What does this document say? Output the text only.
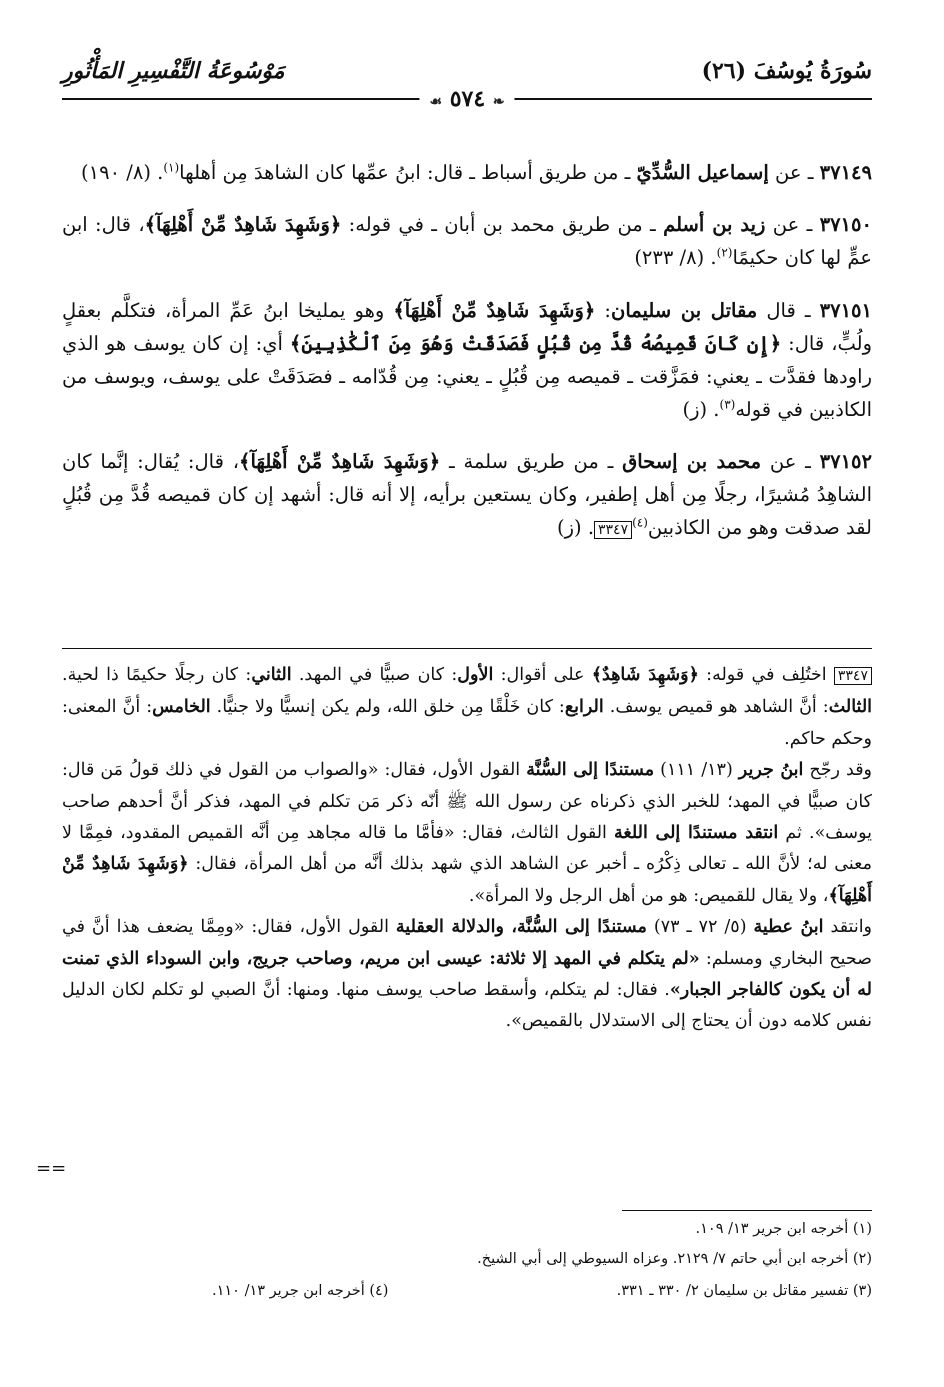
سُورَةُ يُوسُفَ (٢٦)
مَوْسُوعَةُ التَّفْسِيرِ المَأْثُورِ
❧ ٥٧٤ ☙

٣٧١٤٩ ـ عن إسماعيل السُّدِّيّ ـ من طريق أسباط ـ قال: ابنُ عمِّها كان الشاهدَ مِن أهلها$^{(١)}$. (٨/ ١٩٠)

٣٧١٥٠ ـ عن زيد بن أسلم ـ من طريق محمد بن أبان ـ في قوله: ﴿وَشَهِدَ شَاهِدٌ مِّنْ أَهْلِهَآ﴾، قال: ابن عمٍّ لها كان حكيمًا$^{(٢)}$. (٨/ ٢٣٣)

٣٧١٥١ ـ قال مقاتل بن سليمان: ﴿وَشَهِدَ شَاهِدٌ مِّنْ أَهْلِهَآ﴾ وهو يمليخا ابنُ عَمِّ المرأة، فتكلَّم بعقلٍ ولُبٍّ، قال: ﴿إِن كَانَ قَمِيصُهُ قُدَّ مِن قُبُلٍ فَصَدَقَتْ وَهُوَ مِنَ ٱلْكَٰذِبِينَ﴾ أي: إن كان يوسف هو الذي راودها فقدَّت ـ يعني: فمَزَّقت ـ قميصه مِن قُبُلٍ ـ يعني: مِن قُدّامه ـ فصَدَقَتْ على يوسف، ويوسف من الكاذبين في قوله$^{(٣)}$. (ز)

٣٧١٥٢ ـ عن محمد بن إسحاق ـ من طريق سلمة ـ ﴿وَشَهِدَ شَاهِدٌ مِّنْ أَهْلِهَآ﴾، قال: يُقال: إنَّما كان الشاهِدُ مُشيرًا، رجلًا مِن أهل إطفير، وكان يستعين برأيه، إلا أنه قال: أشهد إن كان قميصه قُدَّ مِن قُبُلٍ لقد صدقت وهو من الكاذبين$^{(٤)}$٣٣٤٧. (ز)

٣٣٤٧ اختُلِف في قوله: ﴿وَشَهِدَ شَاهِدٌ﴾ على أقوال: الأول: كان صبيًّا في المهد. الثاني: كان رجلًا حكيمًا ذا لحية. الثالث: أنَّ الشاهد هو قميص يوسف. الرابع: كان خَلْقًا مِن خلق الله، ولم يكن إنسيًّا ولا جنيًّا. الخامس: أنَّ المعنى: وحكم حاكم.

وقد رجّح ابنُ جرير (١٣/ ١١١) مستندًا إلى السُّنَّة القول الأول، فقال: «والصواب من القول في ذلك قولُ مَن قال: كان صبيًّا في المهد؛ للخبر الذي ذكرناه عن رسول الله ﷺ أنّه ذكر مَن تكلم في المهد، فذكر أنَّ أحدهم صاحب يوسف». ثم انتقد مستندًا إلى اللغة القول الثالث، فقال: «فأمَّا ما قاله مجاهد مِن أنَّه القميص المقدود، فمِمَّا لا معنى له؛ لأنَّ الله ـ تعالى ذِكْرُه ـ أخبر عن الشاهد الذي شهد بذلك أنَّه من أهل المرأة، فقال: ﴿وَشَهِدَ شَاهِدٌ مِّنْ أَهْلِهَآ﴾، ولا يقال للقميص: هو من أهل الرجل ولا المرأة».

وانتقد ابنُ عطية (٥/ ٧٢ ـ ٧٣) مستندًا إلى السُّنَّة، والدلالة العقلية القول الأول، فقال: «ومِمَّا يضعف هذا أنَّ في صحيح البخاري ومسلم: «لم يتكلم في المهد إلا ثلاثة: عيسى ابن مريم، وصاحب جريج، وابن السوداء الذي تمنت له أن يكون كالفاجر الجبار». فقال: لم يتكلم، وأسقط صاحب يوسف منها. ومنها: أنَّ الصبي لو تكلم لكان الدليل نفس كلامه دون أن يحتاج إلى الاستدلال بالقميص».

==
(١) أخرجه ابن جرير ١٣/ ١٠٩.
(٢) أخرجه ابن أبي حاتم ٧/ ٢١٢٩. وعزاه السيوطي إلى أبي الشيخ.
(٣) تفسير مقاتل بن سليمان ٢/ ٣٣٠ ـ ٣٣١.
(٤) أخرجه ابن جرير ١٣/ ١١٠.
